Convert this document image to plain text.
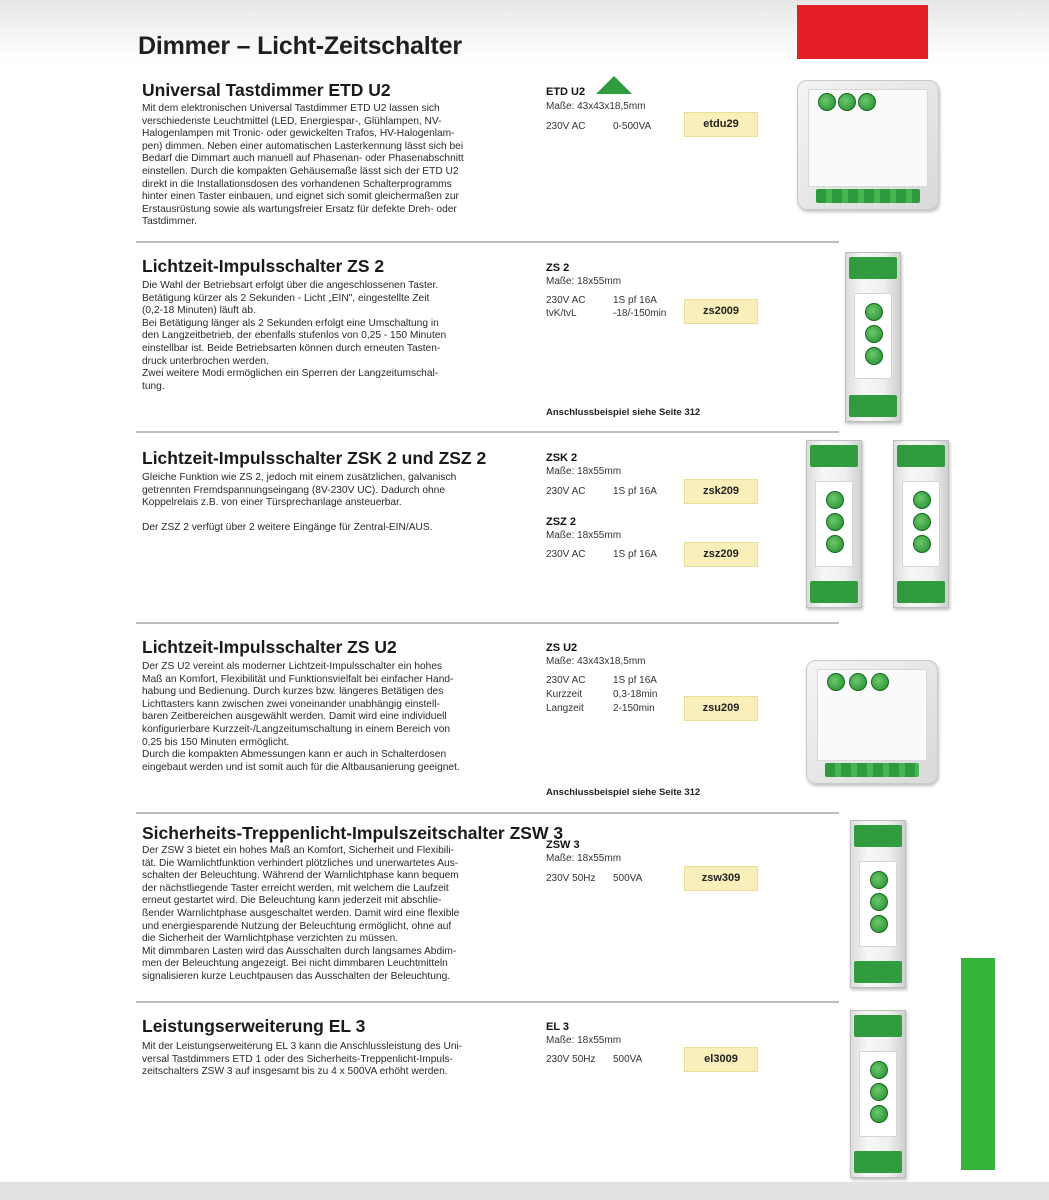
Dimmer – Licht-Zeitschalter
Universal Tastdimmer ETD U2
Mit dem elektronischen Universal Tastdimmer ETD U2 lassen sich
verschiedenste Leuchtmittel (LED, Energiespar-, Glühlampen, NV-
Halogenlampen mit Tronic- oder gewickelten Trafos, HV-Halogenlam-
pen) dimmen. Neben einer automatischen Lasterkennung lässt sich bei
Bedarf die Dimmart auch manuell auf Phasenan- oder Phasenabschnitt
einstellen. Durch die kompakten Gehäusemaße lässt sich der ETD U2
direkt in die Installationsdosen des vorhandenen Schalterprogramms
hinter einen Taster einbauen, und eignet sich somit gleichermaßen zur
Erstausrüstung sowie als wartungsfreier Ersatz für defekte Dreh- oder
Tastdimmer.
ETD U2
Maße: 43x43x18,5mm
230V AC	0-500VA	etdu29
Lichtzeit-Impulsschalter ZS 2
Die Wahl der Betriebsart erfolgt über die angeschlossenen Taster.
Betätigung kürzer als 2 Sekunden - Licht „EIN", eingestellte Zeit
(0,2-18 Minuten) läuft ab.
Bei Betätigung länger als 2 Sekunden erfolgt eine Umschaltung in
den Langzeitbetrieb, der ebenfalls stufenlos von 0,25 - 150 Minuten
einstellbar ist. Beide Betriebsarten können durch erneuten Tasten-
druck unterbrochen werden.
Zwei weitere Modi ermöglichen ein Sperren der Langzeitumschal-
tung.
ZS 2
Maße: 18x55mm
230V AC	1S pf 16A
tvK/tvL	-18/-150min	zs2009
Anschlussbeispiel siehe Seite 312
Lichtzeit-Impulsschalter ZSK 2 und ZSZ 2
Gleiche Funktion wie ZS 2, jedoch mit einem zusätzlichen, galvanisch
getrennten Fremdspannungseingang (8V-230V UC). Dadurch ohne
Koppelrelais z.B. von einer Türsprechanlage ansteuerbar.

Der ZSZ 2 verfügt über 2 weitere Eingänge für Zentral-EIN/AUS.
ZSK 2
Maße: 18x55mm
230V AC	1S pf 16A	zsk209
ZSZ 2
Maße: 18x55mm
230V AC	1S pf 16A	zsz209
Lichtzeit-Impulsschalter ZS U2
Der ZS U2 vereint als moderner Lichtzeit-Impulsschalter ein hohes
Maß an Komfort, Flexibilität und Funktionsvielfalt bei einfacher Hand-
habung und Bedienung. Durch kurzes bzw. längeres Betätigen des
Lichttasters kann zwischen zwei voneinander unabhängig einstell-
baren Zeitbereichen ausgewählt werden. Damit wird eine individuell
konfigurierbare Kurzzeit-/Langzeitumschaltung in einem Bereich von
0,25 bis 150 Minuten ermöglicht.
Durch die kompakten Abmessungen kann er auch in Schalterdosen
eingebaut werden und ist somit auch für die Altbausanierung geeignet.
ZS U2
Maße: 43x43x18,5mm
230V AC	1S pf 16A
Kurzzeit	0,3-18min
Langzeit	2-150min	zsu209
Anschlussbeispiel siehe Seite 312
Sicherheits-Treppenlicht-Impulszeitschalter ZSW 3
Der ZSW 3 bietet ein hohes Maß an Komfort, Sicherheit und Flexibili-
tät. Die Warnlichtfunktion verhindert plötzliches und unerwartetes Aus-
schalten der Beleuchtung. Während der Warnlichtphase kann bequem
der nächstliegende Taster erreicht werden, mit welchem die Laufzeit
erneut gestartet wird. Die Beleuchtung kann jederzeit mit abschlie-
ßender Warnlichtphase ausgeschaltet werden. Damit wird eine flexible
und energiesparende Nutzung der Beleuchtung ermöglicht, ohne auf
die Sicherheit der Warnlichtphase verzichten zu müssen.
Mit dimmbaren Lasten wird das Ausschalten durch langsames Abdim-
men der Beleuchtung angezeigt. Bei nicht dimmbaren Leuchtmitteln
signalisieren kurze Leuchtpausen das Ausschalten der Beleuchtung.
ZSW 3
Maße: 18x55mm
230V 50Hz 500VA	zsw309
Leistungserweiterung EL 3
Mit der Leistungserweiterung EL 3 kann die Anschlussleistung des Uni-
versal Tastdimmers ETD 1 oder des Sicherheits-Treppenlicht-Impuls-
zeitschalters ZSW 3 auf insgesamt bis zu 4 x 500VA erhöht werden.
EL 3
Maße: 18x55mm
230V 50Hz 500VA	el3009
